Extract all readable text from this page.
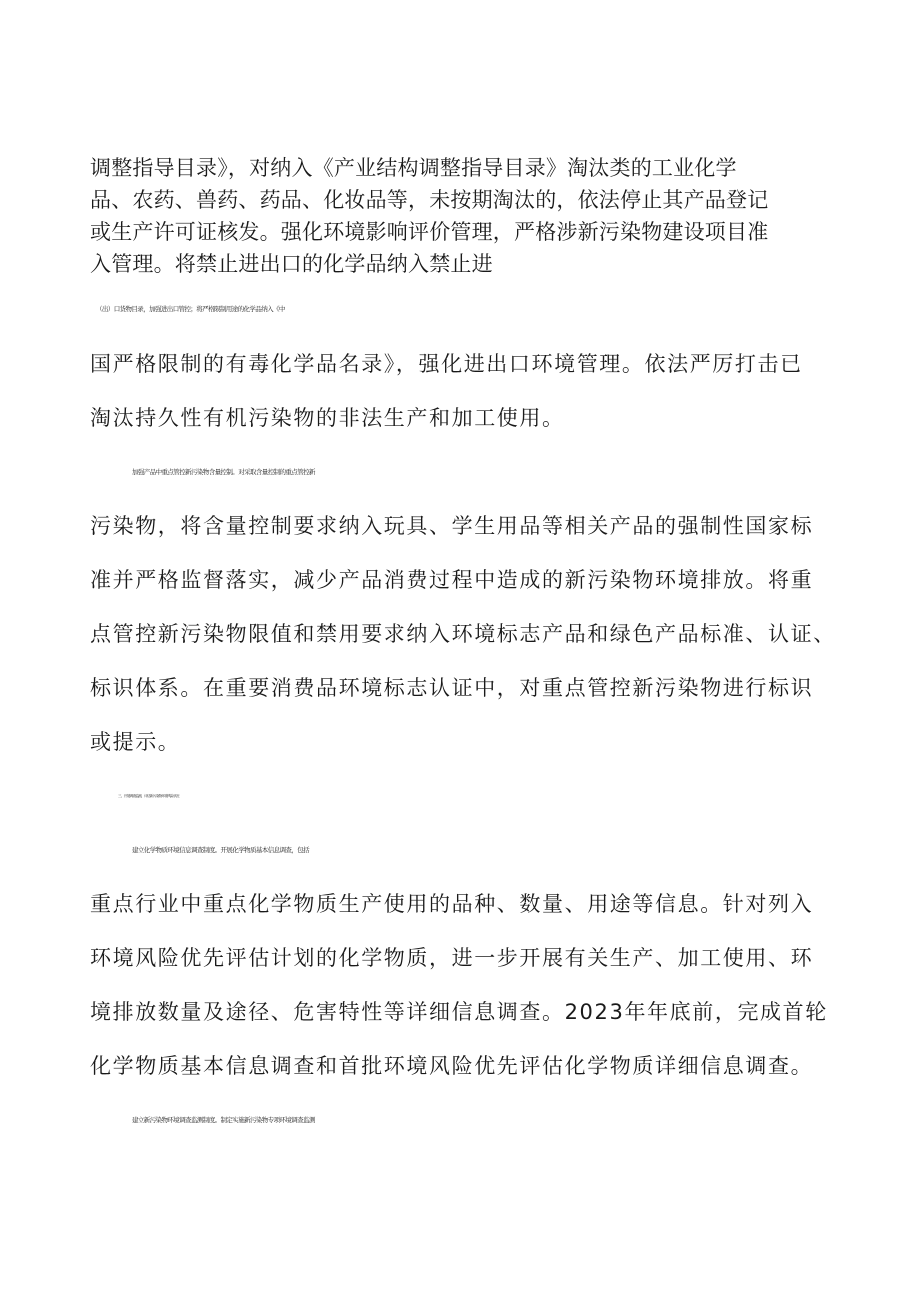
调整指导目录》，对纳入《产业结构调整指导目录》淘汰类的工业化学
品、农药、兽药、药品、化妆品等，未按期淘汰的，依法停止其产品登记
或生产许可证核发。强化环境影响评价管理，严格涉新污染物建设项目准
入管理。将禁止进出口的化学品纳入禁止进
（出）口货物目录，加强进出口管控；将严格限制用途的化学品纳入《中
国严格限制的有毒化学品名录》，强化进出口环境管理。依法严厉打击已
淘汰持久性有机污染物的非法生产和加工使用。
加强产品中重点管控新污染物含量控制。对采取含量控制的重点管控新
污染物，将含量控制要求纳入玩具、学生用品等相关产品的强制性国家标
准并严格监督落实，减少产品消费过程中造成的新污染物环境排放。将重
点管控新污染物限值和禁用要求纳入环境标志产品和绿色产品标准、认证、
标识体系。在重要消费品环境标志认证中，对重点管控新污染物进行标识
或提示。
三、开展调查监测，评估新污染物环境风险状况
建立化学物质环境信息调查制度。开展化学物质基本信息调查，包括
重点行业中重点化学物质生产使用的品种、数量、用途等信息。针对列入
环境风险优先评估计划的化学物质，进一步开展有关生产、加工使用、环
境排放数量及途径、危害特性等详细信息调查。2023年年底前，完成首轮
化学物质基本信息调查和首批环境风险优先评估化学物质详细信息调查。
建立新污染物环境调查监测制度。制定实施新污染物专项环境调查监测
